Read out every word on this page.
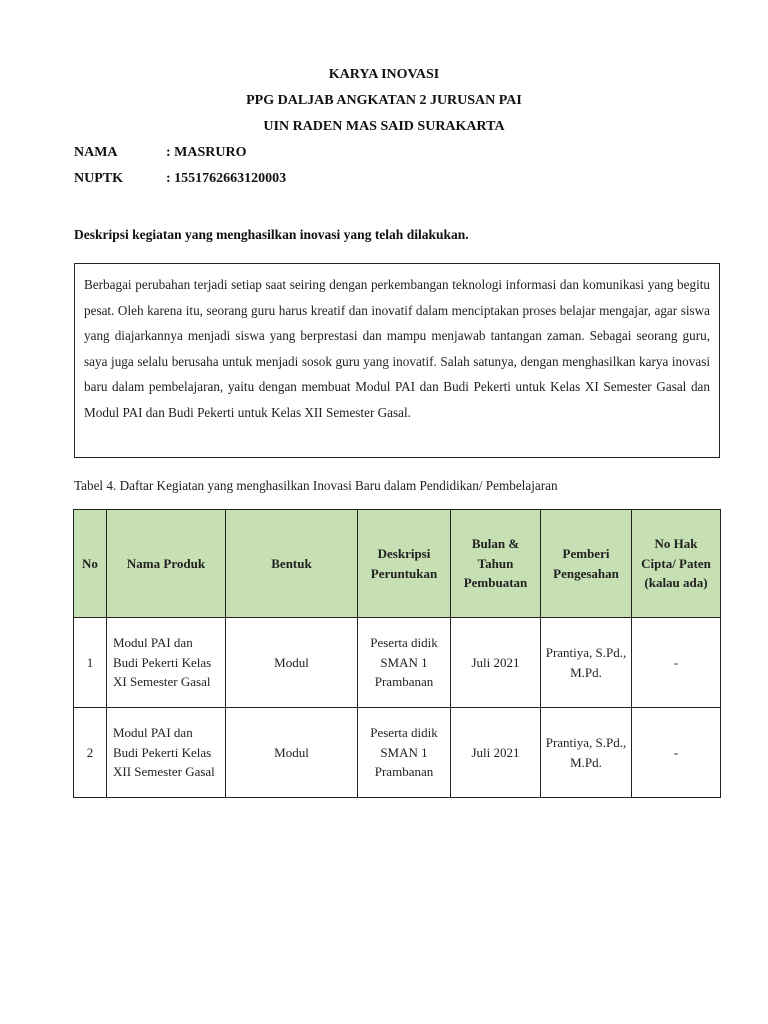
KARYA INOVASI
PPG DALJAB ANGKATAN 2 JURUSAN PAI
UIN RADEN MAS SAID SURAKARTA
NAMA	: MASRURO
NUPTK	: 1551762663120003
Deskripsi kegiatan yang menghasilkan inovasi yang telah dilakukan.
Berbagai perubahan terjadi setiap saat seiring dengan perkembangan teknologi informasi dan komunikasi yang begitu pesat. Oleh karena itu, seorang guru harus kreatif dan inovatif dalam menciptakan proses belajar mengajar, agar siswa yang diajarkannya menjadi siswa yang berprestasi dan mampu menjawab tantangan zaman. Sebagai seorang guru, saya juga selalu berusaha untuk menjadi sosok guru yang inovatif. Salah satunya, dengan menghasilkan karya inovasi baru dalam pembelajaran, yaitu dengan membuat Modul PAI dan Budi Pekerti untuk Kelas XI Semester Gasal dan Modul PAI dan Budi Pekerti untuk Kelas XII Semester Gasal.
Tabel 4. Daftar Kegiatan yang menghasilkan Inovasi Baru dalam Pendidikan/ Pembelajaran
No	Nama Produk	Bentuk	Deskripsi Peruntukan	Bulan & Tahun Pembuatan	Pemberi Pengesahan	No Hak Cipta/ Paten (kalau ada)
1	Modul PAI dan Budi Pekerti Kelas XI Semester Gasal	Modul	Peserta didik SMAN 1 Prambanan	Juli 2021	Prantiya, S.Pd., M.Pd.	-
2	Modul PAI dan Budi Pekerti Kelas XII Semester Gasal	Modul	Peserta didik SMAN 1 Prambanan	Juli 2021	Prantiya, S.Pd., M.Pd.	-
